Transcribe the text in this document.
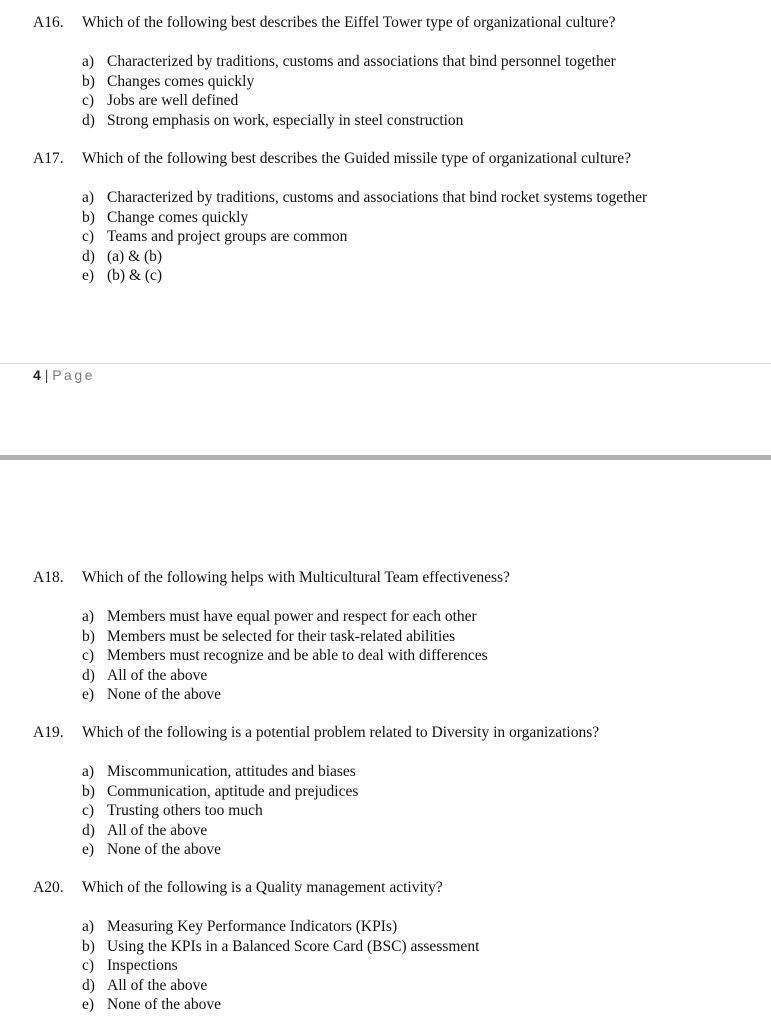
A16. Which of the following best describes the Eiffel Tower type of organizational culture?
a) Characterized by traditions, customs and associations that bind personnel together
b) Changes comes quickly
c) Jobs are well defined
d) Strong emphasis on work, especially in steel construction
A17. Which of the following best describes the Guided missile type of organizational culture?
a) Characterized by traditions, customs and associations that bind rocket systems together
b) Change comes quickly
c) Teams and project groups are common
d) (a) & (b)
e) (b) & (c)
4 | Page
A18. Which of the following helps with Multicultural Team effectiveness?
a) Members must have equal power and respect for each other
b) Members must be selected for their task-related abilities
c) Members must recognize and be able to deal with differences
d) All of the above
e) None of the above
A19. Which of the following is a potential problem related to Diversity in organizations?
a) Miscommunication, attitudes and biases
b) Communication, aptitude and prejudices
c) Trusting others too much
d) All of the above
e) None of the above
A20. Which of the following is a Quality management activity?
a) Measuring Key Performance Indicators (KPIs)
b) Using the KPIs in a Balanced Score Card (BSC) assessment
c) Inspections
d) All of the above
e) None of the above
